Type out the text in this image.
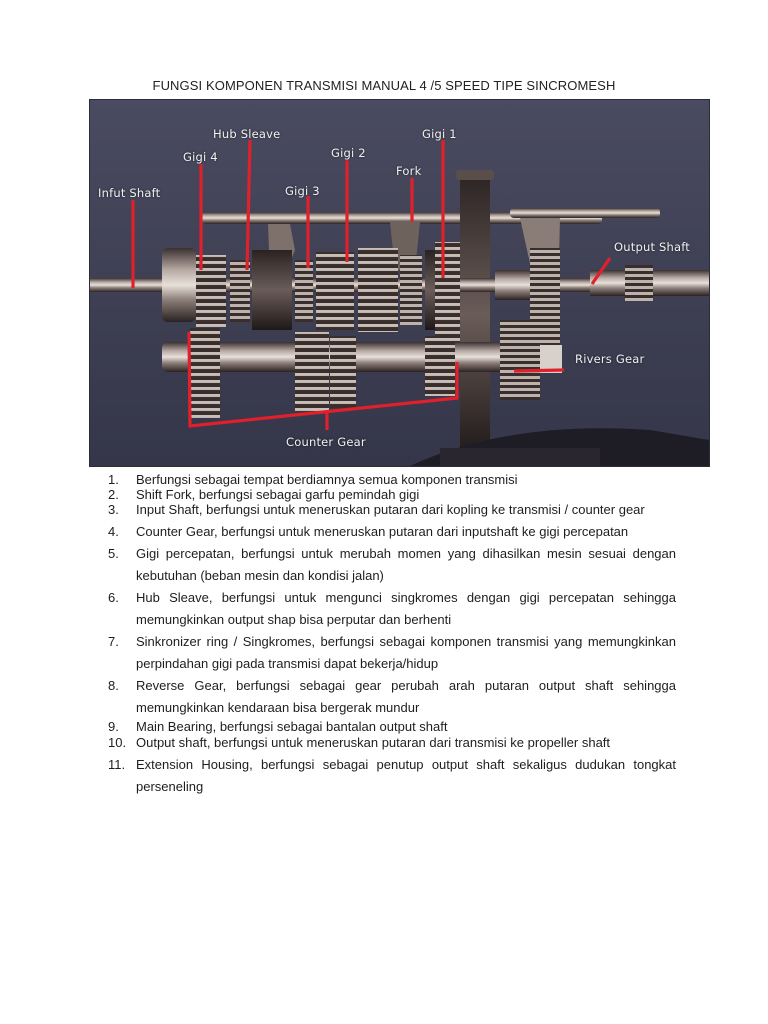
FUNGSI KOMPONEN TRANSMISI MANUAL 4 /5 SPEED TIPE SINCROMESH
Hub Sleave	Gigi 1
Gigi 2
Gigi 4
Fork
Gigi 3
Infut Shaft
Output Shaft
Rivers Gear
Counter Gear
1. Berfungsi sebagai tempat berdiamnya semua komponen transmisi
2. Shift Fork, berfungsi sebagai garfu pemindah gigi
3. Input Shaft, berfungsi untuk meneruskan putaran dari kopling ke transmisi / counter gear
4. Counter Gear, berfungsi untuk meneruskan putaran dari inputshaft ke gigi percepatan
5. Gigi percepatan, berfungsi untuk merubah momen yang dihasilkan mesin sesuai dengan kebutuhan (beban mesin dan kondisi jalan)
6. Hub Sleave, berfungsi untuk mengunci singkromes dengan gigi percepatan sehingga memungkinkan output shap bisa perputar dan berhenti
7. Sinkronizer ring / Singkromes, berfungsi sebagai komponen transmisi yang memungkinkan perpindahan gigi pada transmisi dapat bekerja/hidup
8. Reverse Gear, berfungsi sebagai gear perubah arah putaran output shaft sehingga memungkinkan kendaraan bisa bergerak mundur
9. Main Bearing, berfungsi sebagai bantalan output shaft
10. Output shaft, berfungsi untuk meneruskan putaran dari transmisi ke propeller shaft
11. Extension Housing, berfungsi sebagai penutup output shaft sekaligus dudukan tongkat perseneling
